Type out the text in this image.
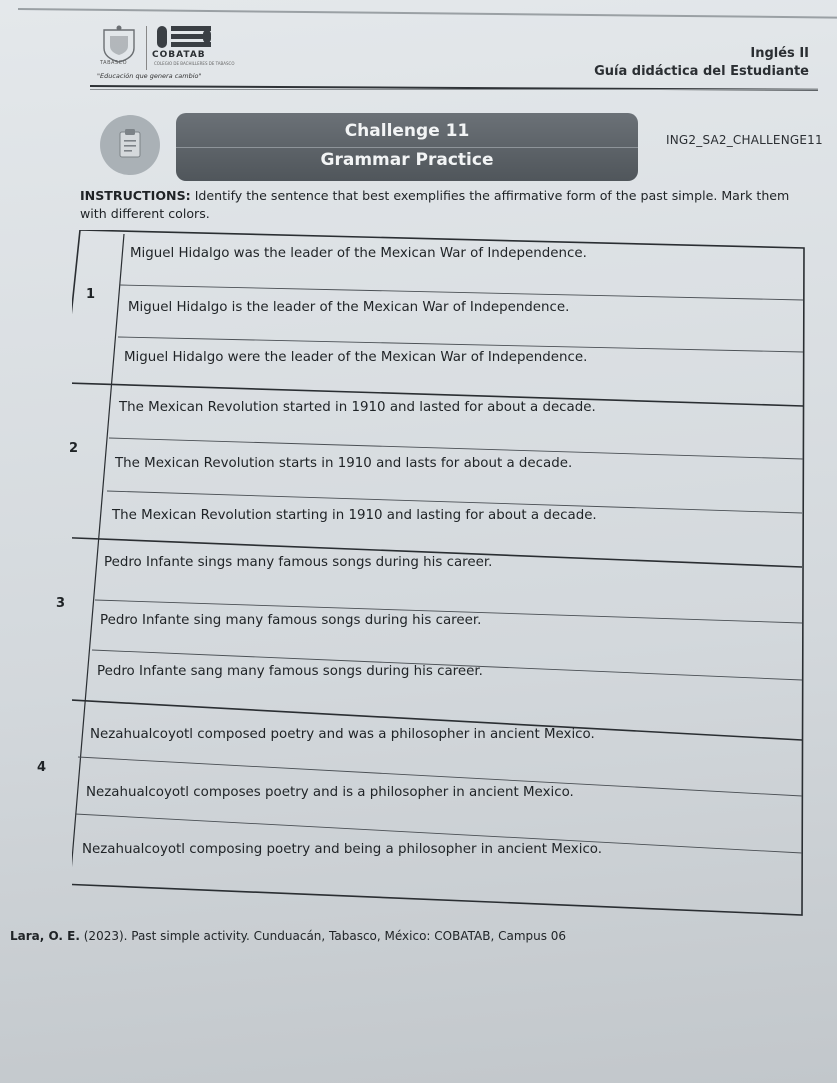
TABASCO
COBATAB
COLEGIO DE BACHILLERES DE TABASCO
"Educación que genera cambio"
Inglés II
Guía didáctica del Estudiante
Challenge 11
Grammar Practice
ING2_SA2_CHALLENGE11
INSTRUCTIONS: Identify the sentence that best exemplifies the affirmative form of the past simple. Mark them with different colors.
1
Miguel Hidalgo was the leader of the Mexican War of Independence.
Miguel Hidalgo is the leader of the Mexican War of Independence.
Miguel Hidalgo were the leader of the Mexican War of Independence.
2
The Mexican Revolution started in 1910 and lasted for about a decade.
The Mexican Revolution starts in 1910 and lasts for about a decade.
The Mexican Revolution starting in 1910 and lasting for about a decade.
3
Pedro Infante sings many famous songs during his career.
Pedro Infante sing many famous songs during his career.
Pedro Infante sang many famous songs during his career.
4
Nezahualcoyotl composed poetry and was a philosopher in ancient Mexico.
Nezahualcoyotl composes poetry and is a philosopher in ancient Mexico.
Nezahualcoyotl composing poetry and being a philosopher in ancient Mexico.
Lara, O. E. (2023). Past simple activity. Cunduacán, Tabasco, México: COBATAB, Campus 06
